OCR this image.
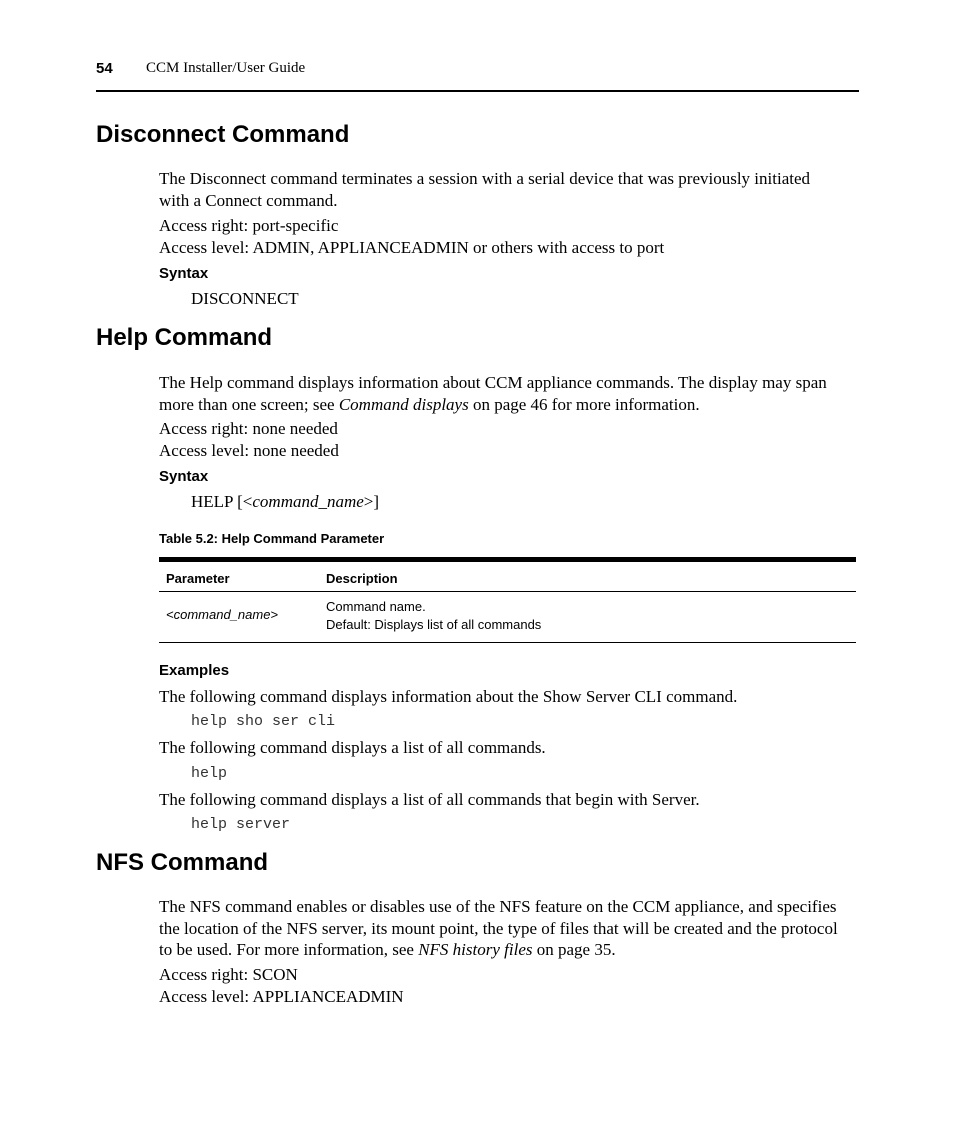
54 CCM Installer/User Guide
Disconnect Command

The Disconnect command terminates a session with a serial device that was previously initiated
with a Connect command.

Access right: port-specific
Access level: ADMIN, APPLIANCEADMIN or others with access to port

Syntax
DISCONNECT
Help Command

The Help command displays information about CCM appliance commands. The display may span
more than one screen; see Command displays on page 46 for more information.

Access right: none needed
Access level: none needed

Syntax
HELP [<command_name>]
Table 5.2: Help Command Parameter
Parameter	Description
<command_name>
Command name.
Default: Displays list of all commands
Examples

The following command displays information about the Show Server CLI command.

help sho ser cli

The following command displays a list of all commands.

help

The following command displays a list of all commands that begin with Server.

help server
NFS Command

The NFS command enables or disables use of the NFS feature on the CCM appliance, and specifies
the location of the NFS server, its mount point, the type of files that will be created and the protocol
to be used. For more information, see NFS history files on page 35.

Access right: SCON
Access level: APPLIANCEADMIN
